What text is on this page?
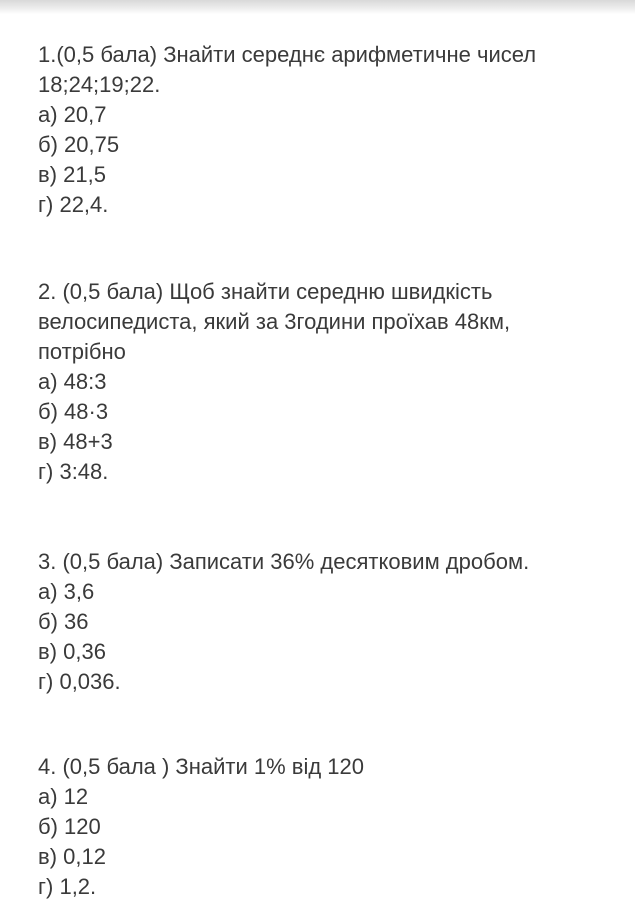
1.(0,5 бала) Знайти середнє арифметичне чисел
18;24;19;22.
а) 20,7
б) 20,75
в) 21,5
г) 22,4.
2. (0,5 бала) Щоб знайти середню швидкість
велосипедиста, який за 3години проїхав 48км,
потрібно
а) 48:3
б) 48·3
в) 48+3
г) 3:48.
3. (0,5 бала) Записати 36% десятковим дробом.
а) 3,6
б) 36
в) 0,36
г) 0,036.
4. (0,5 бала ) Знайти 1% від 120
а) 12
б) 120
в) 0,12
г) 1,2.
